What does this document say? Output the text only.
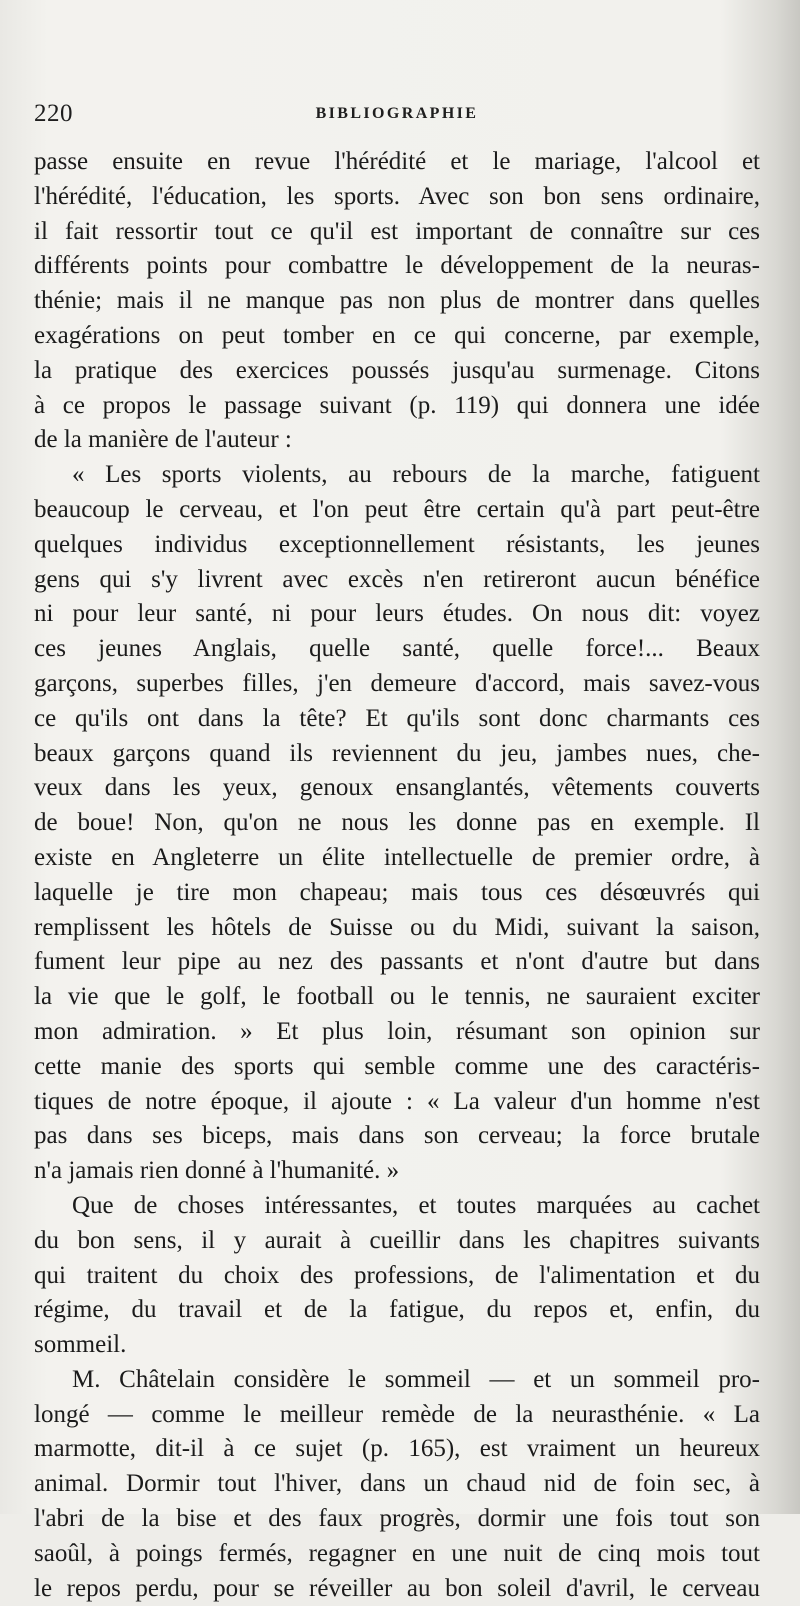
220	BIBLIOGRAPHIE
passe ensuite en revue l'hérédité et le mariage, l'alcool et
l'hérédité, l'éducation, les sports. Avec son bon sens ordinaire,
il fait ressortir tout ce qu'il est important de connaître sur ces
différents points pour combattre le développement de la neuras-
thénie; mais il ne manque pas non plus de montrer dans quelles
exagérations on peut tomber en ce qui concerne, par exemple,
la pratique des exercices poussés jusqu'au surmenage. Citons
à ce propos le passage suivant (p. 119) qui donnera une idée
de la manière de l'auteur :
« Les sports violents, au rebours de la marche, fatiguent
beaucoup le cerveau, et l'on peut être certain qu'à part peut-être
quelques individus exceptionnellement résistants, les jeunes
gens qui s'y livrent avec excès n'en retireront aucun bénéfice
ni pour leur santé, ni pour leurs études. On nous dit: voyez
ces jeunes Anglais, quelle santé, quelle force!... Beaux
garçons, superbes filles, j'en demeure d'accord, mais savez-vous
ce qu'ils ont dans la tête? Et qu'ils sont donc charmants ces
beaux garçons quand ils reviennent du jeu, jambes nues, che-
veux dans les yeux, genoux ensanglantés, vêtements couverts
de boue! Non, qu'on ne nous les donne pas en exemple. Il
existe en Angleterre un élite intellectuelle de premier ordre, à
laquelle je tire mon chapeau; mais tous ces désœuvrés qui
remplissent les hôtels de Suisse ou du Midi, suivant la saison,
fument leur pipe au nez des passants et n'ont d'autre but dans
la vie que le golf, le football ou le tennis, ne sauraient exciter
mon admiration. » Et plus loin, résumant son opinion sur
cette manie des sports qui semble comme une des caractéris-
tiques de notre époque, il ajoute : « La valeur d'un homme n'est
pas dans ses biceps, mais dans son cerveau; la force brutale
n'a jamais rien donné à l'humanité. »
Que de choses intéressantes, et toutes marquées au cachet
du bon sens, il y aurait à cueillir dans les chapitres suivants
qui traitent du choix des professions, de l'alimentation et du
régime, du travail et de la fatigue, du repos et, enfin, du
sommeil.
M. Châtelain considère le sommeil — et un sommeil pro-
longé — comme le meilleur remède de la neurasthénie. « La
marmotte, dit-il à ce sujet (p. 165), est vraiment un heureux
animal. Dormir tout l'hiver, dans un chaud nid de foin sec, à
l'abri de la bise et des faux progrès, dormir une fois tout son
saoûl, à poings fermés, regagner en une nuit de cinq mois tout
le repos perdu, pour se réveiller au bon soleil d'avril, le cerveau
